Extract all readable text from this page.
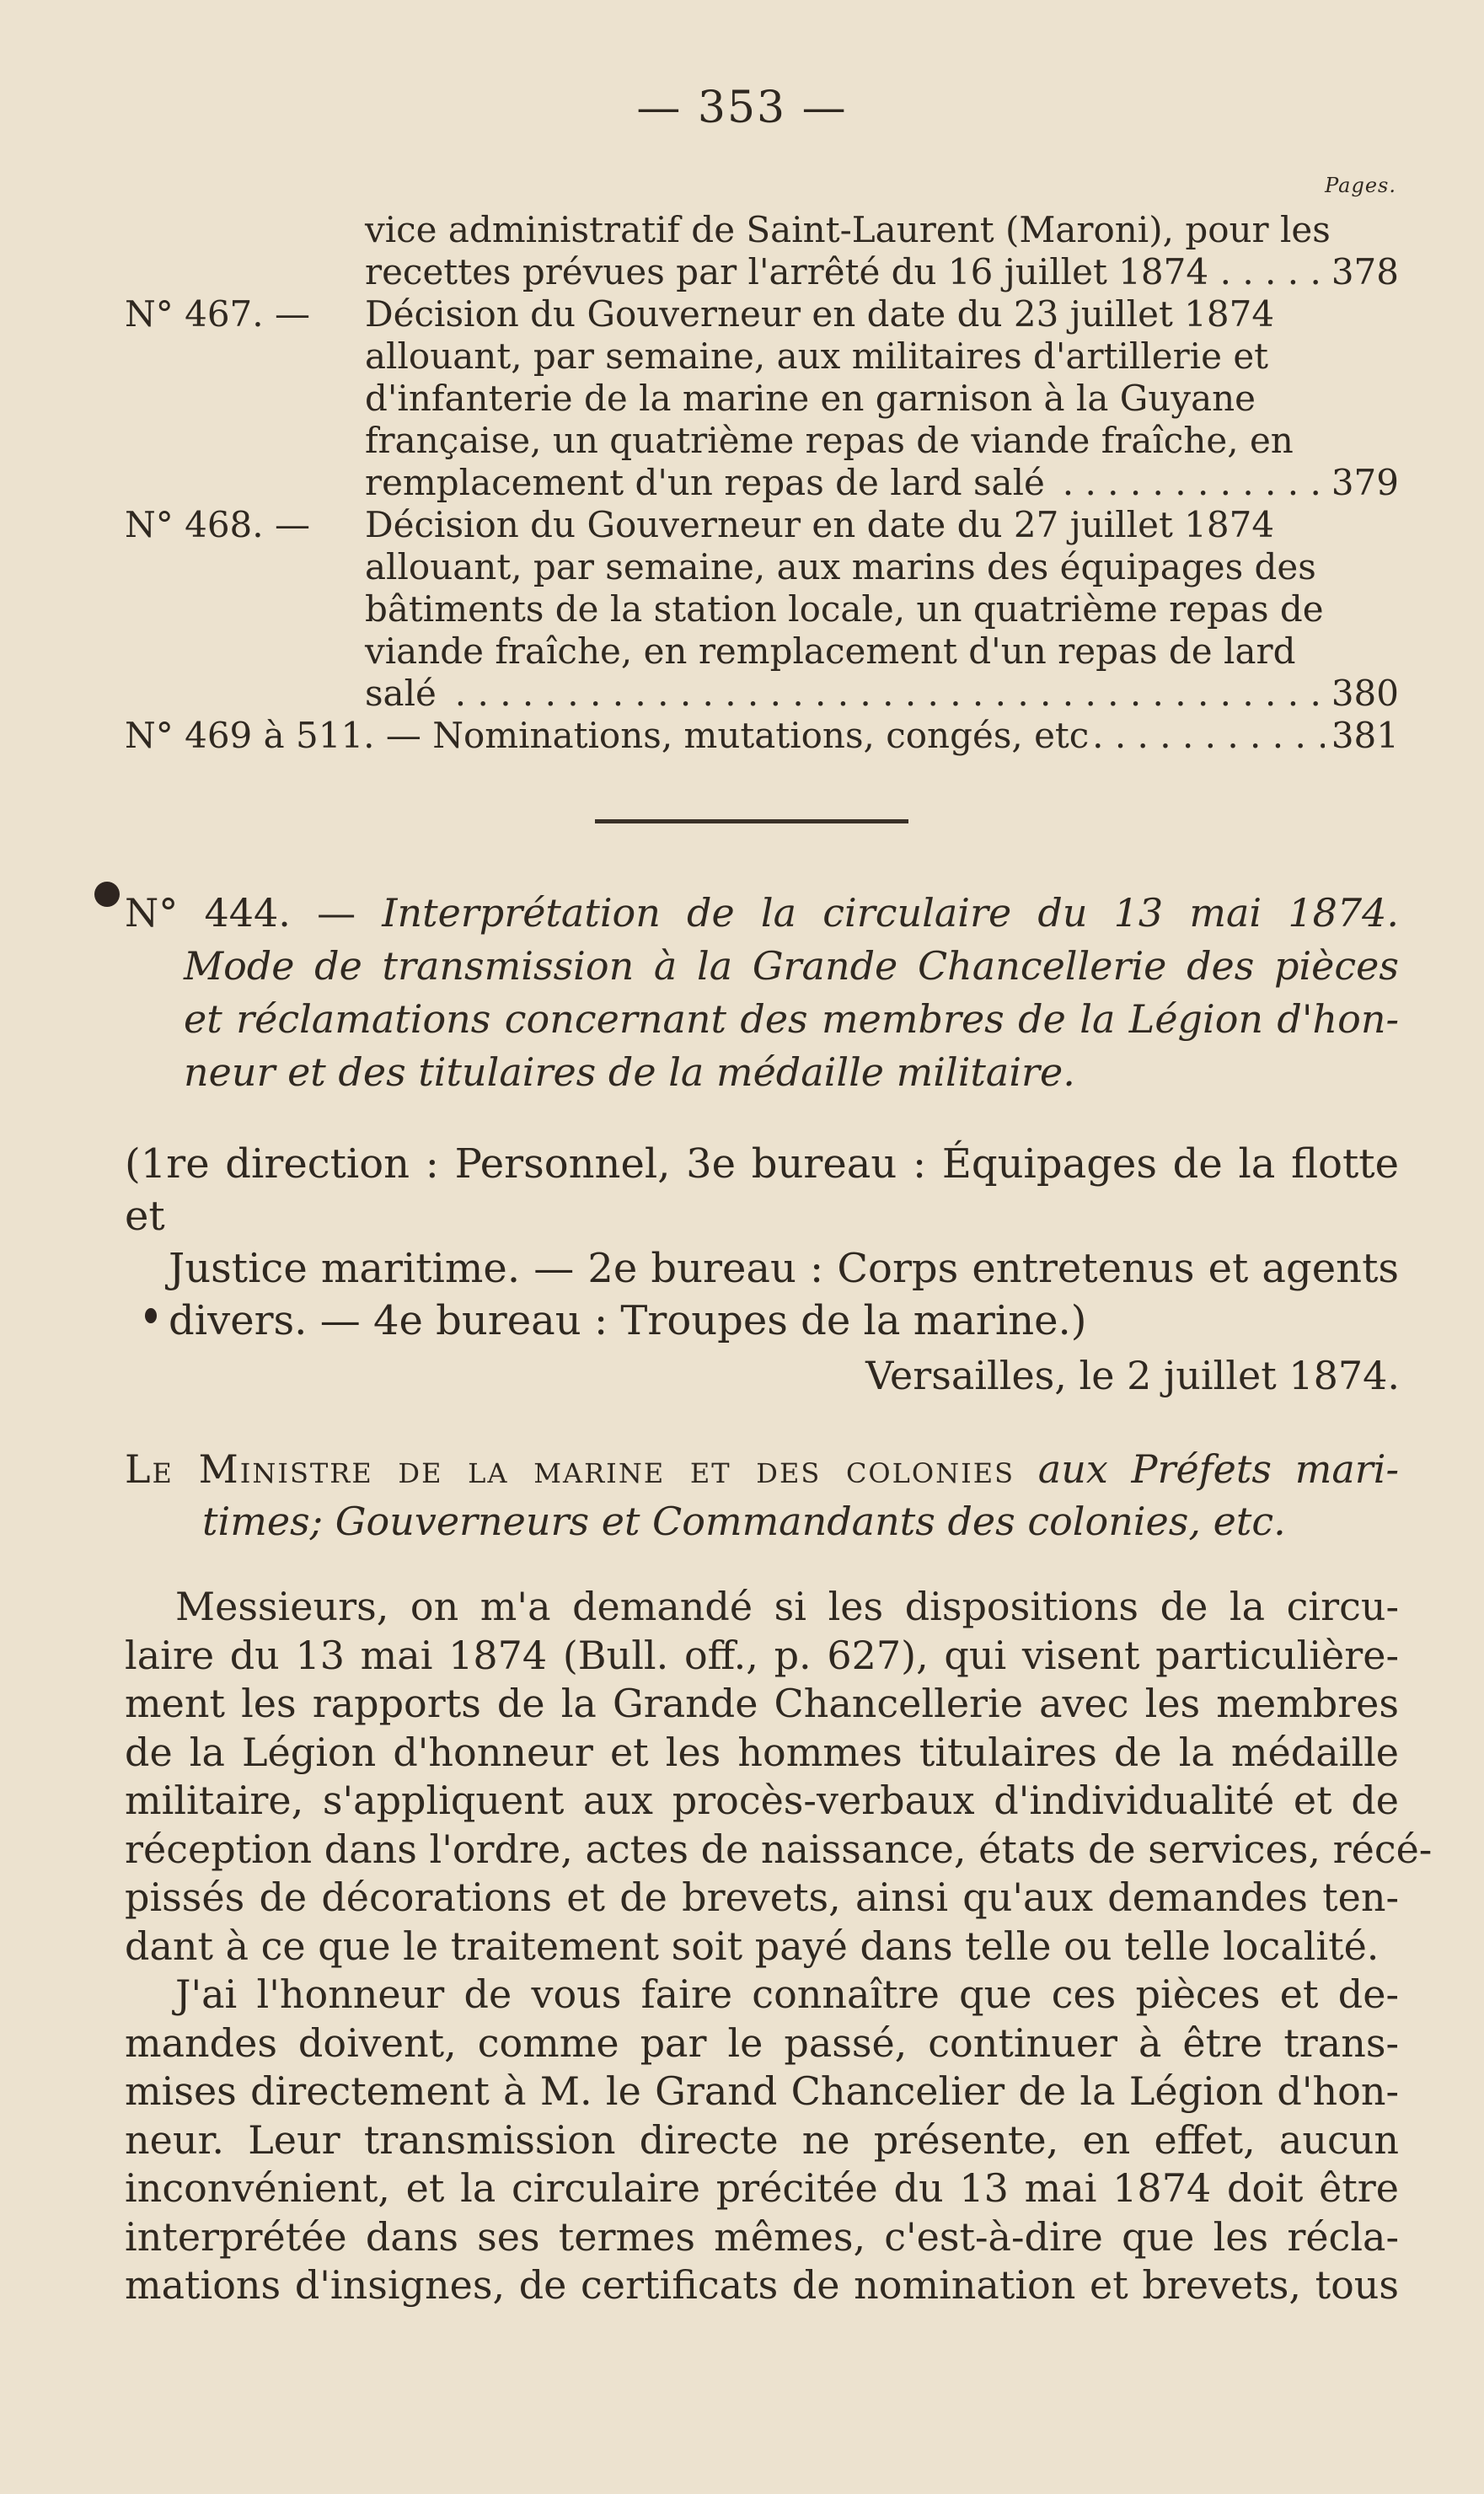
— 353 —
Pages.
vice administratif de Saint-Laurent (Maroni), pour les
recettes prévues par l'arrêté du 16 juillet 1874	378
. . .
N° 467. — Décision du Gouverneur en date du 23 juillet 1874
allouant, par semaine, aux militaires d'artillerie et
d'infanterie de la marine en garnison à la Guyane
française, un quatrième repas de viande fraîche, en
remplacement d'un repas de lard salé	379
. . .
N° 468. — Décision du Gouverneur en date du 27 juillet 1874
allouant, par semaine, aux marins des équipages des
bâtiments de la station locale, un quatrième repas de
viande fraîche, en remplacement d'un repas de lard
salé	380
. . .
N° 469 à 511. — Nominations, mutations, congés, etc	381
. . .
N° 444. — Interprétation de la circulaire du 13 mai 1874.
Mode de transmission à la Grande Chancellerie des pièces
et réclamations concernant des membres de la Légion d'hon-
neur et des titulaires de la médaille militaire.
(1re direction : Personnel, 3e bureau : Équipages de la flotte et
Justice maritime. — 2e bureau : Corps entretenus et agents
divers. — 4e bureau : Troupes de la marine.)
Versailles, le 2 juillet 1874.
Le Ministre de la marine et des colonies aux Préfets mari-
times; Gouverneurs et Commandants des colonies, etc.
Messieurs, on m'a demandé si les dispositions de la circu-
laire du 13 mai 1874 (Bull. off., p. 627), qui visent particulière-
ment les rapports de la Grande Chancellerie avec les membres
de la Légion d'honneur et les hommes titulaires de la médaille
militaire, s'appliquent aux procès-verbaux d'individualité et de
réception dans l'ordre, actes de naissance, états de services, récé-
pissés de décorations et de brevets, ainsi qu'aux demandes ten-
dant à ce que le traitement soit payé dans telle ou telle localité.
J'ai l'honneur de vous faire connaître que ces pièces et de-
mandes doivent, comme par le passé, continuer à être trans-
mises directement à M. le Grand Chancelier de la Légion d'hon-
neur. Leur transmission directe ne présente, en effet, aucun
inconvénient, et la circulaire précitée du 13 mai 1874 doit être
interprétée dans ses termes mêmes, c'est-à-dire que les récla-
mations d'insignes, de certificats de nomination et brevets, tous
